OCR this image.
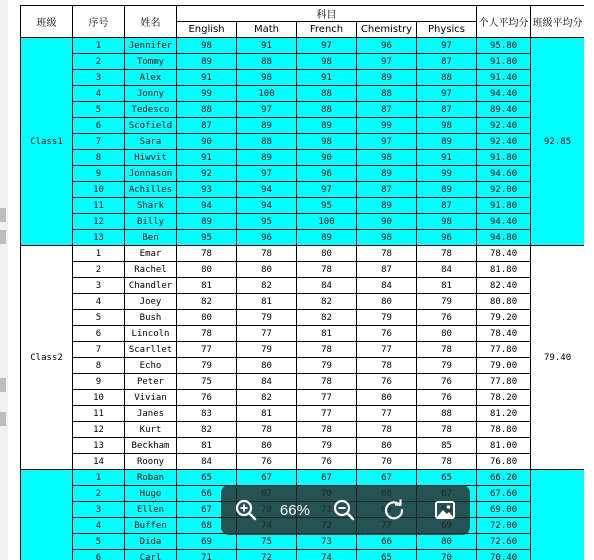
班级	序号	姓名	科目					个人平均分	班级平均分
			English	Math	French	Chemistry	Physics		
Class1	1	Jennifer	98	91	97	96	97	95.80	92.85
	2	Tommy	89	88	98	97	87	91.80	
	3	Alex	91	98	91	89	88	91.40	
	4	Jonny	99	100	88	88	97	94.40	
	5	Tedesco	88	97	88	87	87	89.40	
	6	Scofield	87	89	89	99	98	92.40	
	7	Sara	90	88	98	97	89	92.40	
	8	Hiwvit	91	89	90	98	91	91.80	
	9	Jonnason	92	97	96	89	99	94.60	
	10	Achilles	93	94	97	87	89	92.00	
	11	Shark	94	94	95	89	87	91.80	
	12	Billy	89	95	100	90	98	94.40	
	13	Ben	95	96	89	98	96	94.80	
Class2	1	Emar	78	78	80	78	78	78.40	79.40
	2	Rachel	80	80	78	87	84	81.80	
	3	Chandler	81	82	84	84	81	82.40	
	4	Joey	82	81	82	80	79	80.80	
	5	Bush	80	79	82	79	76	79.20	
	6	Lincoln	78	77	81	76	80	78.40	
	7	Scarllet	77	79	78	77	78	77.80	
	8	Echo	79	80	79	78	79	79.00	
	9	Peter	75	84	78	76	76	77.80	
	10	Vivian	76	82	77	80	76	78.20	
	11	Janes	83	81	77	77	88	81.20	
	12	Kurt	82	78	78	78	78	78.80	
	13	Beckham	81	80	79	80	85	81.00	
	14	Roony	84	76	76	70	78	76.80	
	1	Roban	65	67	67	67	65	66.20	
	2	Hugo	66					67.60	
	3	Ellen	67					69.00	
	4	Buffen	68					72.00	
	5	Dida	69	75	73	66	80	72.60	
	6	Carl	71	72	74	65	70	70.40	
66%
